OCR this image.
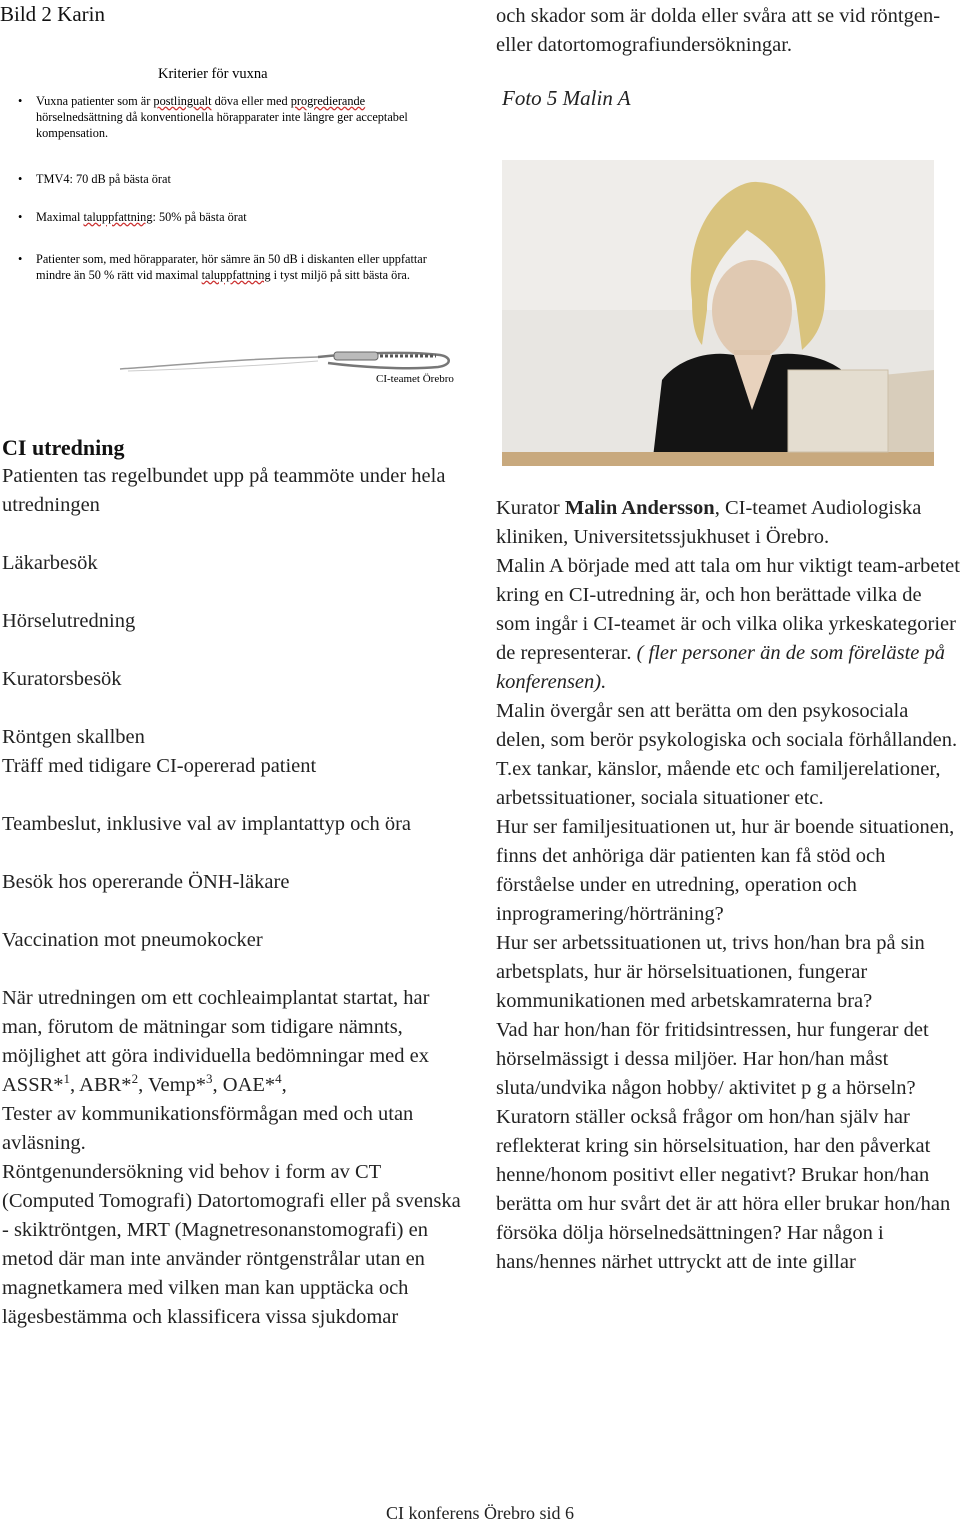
Bild 2 Karin
Kriterier för vuxna
• Vuxna patienter som är postlingualt döva eller med progredierande hörselnedsättning då konventionella hörapparater inte längre ger acceptabel kompensation.
• TMV4: 70 dB på bästa örat
• Maximal taluppfattning: 50% på bästa örat
• Patienter som, med hörapparater, hör sämre än 50 dB i diskanten eller uppfattar mindre än 50 % rätt vid maximal taluppfattning i tyst miljö på sitt bästa öra.
CI-teamet Örebro

CI utredning

Patienten tas regelbundet upp på teammöte under hela utredningen

Läkarbesök

Hörselutredning

Kuratorsbesök

Röntgen skallben

Träff med tidigare CI-opererad patient

Teambeslut, inklusive val av implantattyp och öra

Besök hos opererande ÖNH-läkare

Vaccination mot pneumokocker

När utredningen om ett cochleaimplantat startat, har man, förutom de mätningar som tidigare nämnts, möjlighet att göra individuella bedömningar med ex ASSR*$^1$, ABR*$^2$, Vemp*$^3$, OAE*$^4$,

Tester av kommunikationsförmågan med och utan avläsning.

Röntgenundersökning vid behov i form av CT (Computed Tomografi) Datortomografi eller på svenska - skiktröntgen, MRT (Magnetresonanstomografi) en metod där man inte använder röntgenstrålar utan en magnetkamera med vilken man kan upptäcka och lägesbestämma och klassificera vissa sjukdomar

och skador som är dolda eller svåra att se vid röntgen- eller datortomografiundersökningar.
Foto 5 Malin A

Kurator Malin Andersson, CI-teamet Audiologiska kliniken, Universitetssjukhuset i Örebro.

Malin A började med att tala om hur viktigt team-arbetet kring en CI-utredning är, och hon berättade vilka de som ingår i CI-teamet är och vilka olika yrkeskategorier de representerar. ( fler personer än de som föreläste på konferensen).

Malin övergår sen att berätta om den psykosociala delen, som berör psykologiska och sociala förhållanden. T.ex tankar, känslor, mående etc och familjerelationer, arbetssituationer, sociala situationer etc.

Hur ser familjesituationen ut, hur är boende situationen, finns det anhöriga där patienten kan få stöd och förståelse under en utredning, operation och inprogramering/hörträning?

Hur ser arbetssituationen ut, trivs hon/han bra på sin arbetsplats, hur är hörselsituationen, fungerar kommunikationen med arbetskamraterna bra?

Vad har hon/han för fritidsintressen, hur fungerar det hörselmässigt i dessa miljöer. Har hon/han måst sluta/undvika någon hobby/ aktivitet p g a hörseln?

Kuratorn ställer också frågor om hon/han själv har reflekterat kring sin hörselsituation, har den påverkat henne/honom positivt eller negativt? Brukar hon/han berätta om hur svårt det är att höra eller brukar hon/han försöka dölja hörselnedsättningen? Har någon i hans/hennes närhet uttryckt att de inte gillar

CI konferens Örebro sid 6
